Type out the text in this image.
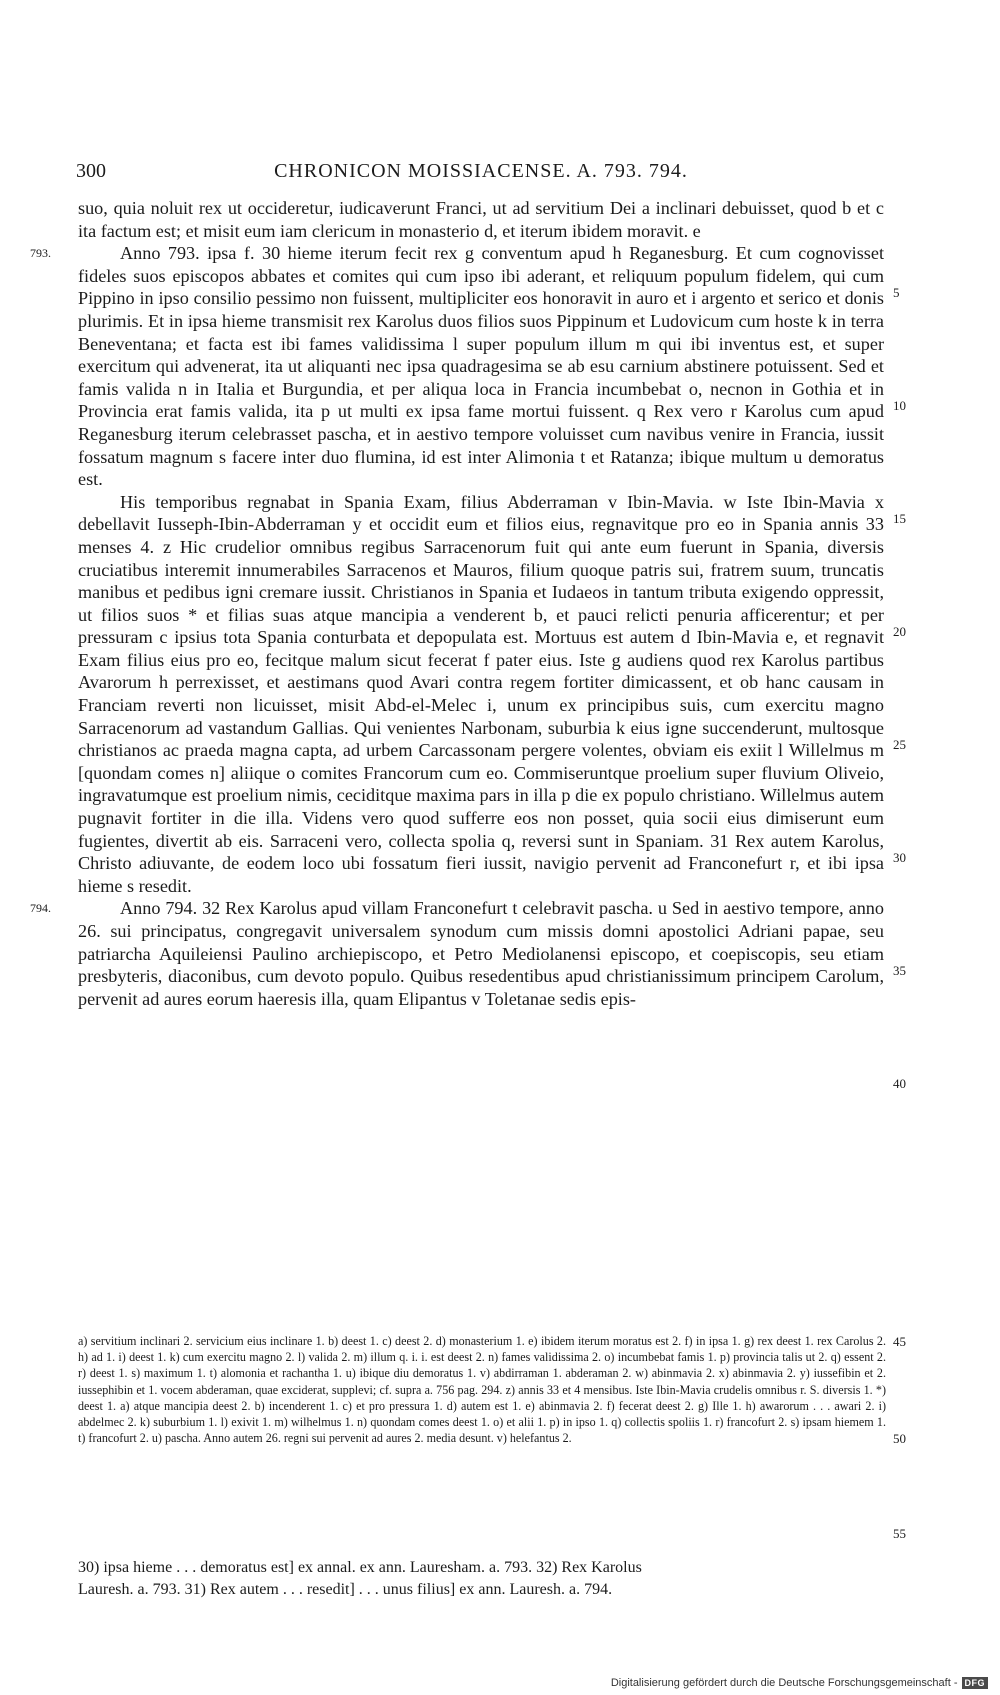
300	CHRONICON MOISSIACENSE. A. 793. 794.

suo, quia noluit rex ut occideretur, iudicaverunt Franci, ut ad servitium Dei a inclinari debuisset, quod b et c ita factum est; et misit eum iam clericum in monasterio d, et iterum ibidem moravit. e

793.	Anno 793. ipsa f. 30 hieme iterum fecit rex g conventum apud h Reganesburg. Et cum cognovisset fideles suos episcopos abbates et comites qui cum ipso ibi aderant, et reliquum populum fidelem, qui cum Pippino in ipso consilio pessimo non fuissent, multipliciter eos honoravit in auro et i argento et serico et donis plurimis. Et in ipsa hieme transmisit rex Karolus duos filios suos Pippinum et Ludovicum cum hoste k in terra Beneventana; et facta est ibi fames validissima l super populum illum m qui ibi inventus est, et super exercitum qui advenerat, ita ut aliquanti nec ipsa quadragesima se ab esu carnium abstinere potuissent. Sed et famis valida n in Italia et Burgundia, et per aliqua loca in Francia incumbebat o, necnon in Gothia et in Provincia erat famis valida, ita p ut multi ex ipsa fame mortui fuissent. q Rex vero r Karolus cum apud Reganesburg iterum celebrasset pascha, et in aestivo tempore voluisset cum navibus venire in Francia, iussit fossatum magnum s facere inter duo flumina, id est inter Alimonia t et Ratanza; ibique multum u demoratus est.

His temporibus regnabat in Spania Exam, filius Abderraman v Ibin-Mavia. w Iste Ibin-Mavia x debellavit Iusseph-Ibin-Abderraman y et occidit eum et filios eius, regnavitque pro eo in Spania annis 33 menses 4. z Hic crudelior omnibus regibus Sarracenorum fuit qui ante eum fuerunt in Spania, diversis cruciatibus interemit innumerabiles Sarracenos et Mauros, filium quoque patris sui, fratrem suum, truncatis manibus et pedibus igni cremare iussit. Christianos in Spania et Iudaeos in tantum tributa exigendo oppressit, ut filios suos * et filias suas atque mancipia a venderent b, et pauci relicti penuria afficerentur; et per pressuram c ipsius tota Spania conturbata et depopulata est. Mortuus est autem d Ibin-Mavia e, et regnavit Exam filius eius pro eo, fecitque malum sicut fecerat f pater eius. Iste g audiens quod rex Karolus partibus Avarorum h perrexisset, et aestimans quod Avari contra regem fortiter dimicassent, et ob hanc causam in Franciam reverti non licuisset, misit Abd-el-Melec i, unum ex principibus suis, cum exercitu magno Sarracenorum ad vastandum Gallias. Qui venientes Narbonam, suburbia k eius igne succenderunt, multosque christianos ac praeda magna capta, ad urbem Carcassonam pergere volentes, obviam eis exiit l Willelmus m [quondam comes n] aliique o comites Francorum cum eo. Commiseruntque proelium super fluvium Oliveio, ingravatumque est proelium nimis, ceciditque maxima pars in illa p die ex populo christiano. Willelmus autem pugnavit fortiter in die illa. Videns vero quod sufferre eos non posset, quia socii eius dimiserunt eum fugientes, divertit ab eis. Sarraceni vero, collecta spolia q, reversi sunt in Spaniam. 31 Rex autem Karolus, Christo adiuvante, de eodem loco ubi fossatum fieri iussit, navigio pervenit ad Franconefurt r, et ibi ipsa hieme s resedit.

794.	Anno 794. 32 Rex Karolus apud villam Franconefurt t celebravit pascha. u Sed in aestivo tempore, anno 26. sui principatus, congregavit universalem synodum cum missis domni apostolici Adriani papae, seu patriarcha Aquileiensi Paulino archiepiscopo, et Petro Mediolanensi episcopo, et coepiscopis, seu etiam presbyteris, diaconibus, cum devoto populo. Quibus resedentibus apud christianissimum principem Carolum, pervenit ad aures eorum haeresis illa, quam Elipantus v Toletanae sedis epis-

5
10
15
20
25
30
35
40
45
50
55

a) servitium inclinari 2. servicium eius inclinare 1. b) deest 1. c) deest 2. d) monasterium 1. e) ibidem iterum moratus est 2. f) in ipsa 1. g) rex deest 1. rex Carolus 2. h) ad 1. i) deest 1. k) cum exercitu magno 2. l) valida 2. m) illum q. i. i. est deest 2. n) fames validissima 2. o) incumbebat famis 1. p) provincia talis ut 2. q) essent 2. r) deest 1. s) maximum 1. t) alomonia et rachantha 1. u) ibique diu demoratus 1. v) abdirraman 1. abderaman 2. w) abinmavia 2. x) abinmavia 2. y) iussefibin et 2. iussephibin et 1. vocem abderaman, quae exciderat, supplevi; cf. supra a. 756 pag. 294. z) annis 33 et 4 mensibus. Iste Ibin-Mavia crudelis omnibus r. S. diversis 1. *) deest 1. a) atque mancipia deest 2. b) incenderent 1. c) et pro pressura 1. d) autem est 1. e) abinmavia 2. f) fecerat deest 2. g) Ille 1. h) awarorum . . . awari 2. i) abdelmec 2. k) suburbium 1. l) exivit 1. m) wilhelmus 1. n) quondam comes deest 1. o) et alii 1. p) in ipso 1. q) collectis spoliis 1. r) francofurt 2. s) ipsam hiemem 1. t) francofurt 2. u) pascha. Anno autem 26. regni sui pervenit ad aures 2. media desunt. v) helefantus 2.

30) ipsa hieme . . . demoratus est] ex annal. ex ann. Lauresham. a. 793. 32) Rex Karolus

Lauresh. a. 793. 31) Rex autem . . . resedit] . . . unus filius] ex ann. Lauresh. a. 794.

Digitalisierung gefördert durch die Deutsche Forschungsgemeinschaft - DFG
